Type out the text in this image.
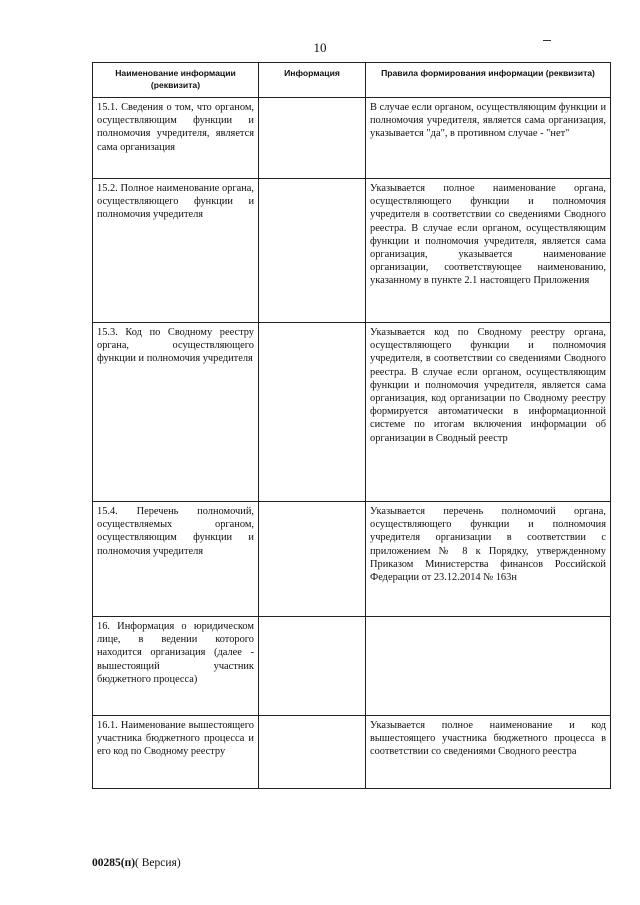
10
Наименование информации (реквизита)	Информация	Правила формирования информации (реквизита)

15.1. Сведения о том, что органом, осуществляющим функции и полномочия учредителя, является сама организация		В случае если органом, осуществляющим функции и полномочия учредителя, является сама организация, указывается "да", в противном случае - "нет"

15.2. Полное наименование органа, осуществляющего функции и полномочия учредителя		Указывается полное наименование органа, осуществляющего функции и полномочия учредителя в соответствии со сведениями Сводного реестра. В случае если органом, осуществляющим функции и полномочия учредителя, является сама организация, указывается наименование организации, соответствующее наименованию, указанному в пункте 2.1 настоящего Приложения

15.3. Код по Сводному реестру органа, осуществляющего функции и полномочия учредителя		Указывается код по Сводному реестру органа, осуществляющего функции и полномочия учредителя, в соответствии со сведениями Сводного реестра. В случае если органом, осуществляющим функции и полномочия учредителя, является сама организация, код организации по Сводному реестру формируется автоматически в информационной системе по итогам включения информации об организации в Сводный реестр

15.4. Перечень полномочий, осуществляемых органом, осуществляющим функции и полномочия учредителя		Указывается перечень полномочий органа, осуществляющего функции и полномочия учредителя организации в соответствии с приложением № 8 к Порядку, утвержденному Приказом Министерства финансов Российской Федерации от 23.12.2014 № 163н

16. Информация о юридическом лице, в ведении которого находится организация (далее - вышестоящий участник бюджетного процесса)		

16.1. Наименование вышестоящего участника бюджетного процесса и его код по Сводному реестру		Указывается полное наименование и код вышестоящего участника бюджетного процесса в соответствии со сведениями Сводного реестра
00285(п)( Версия)
